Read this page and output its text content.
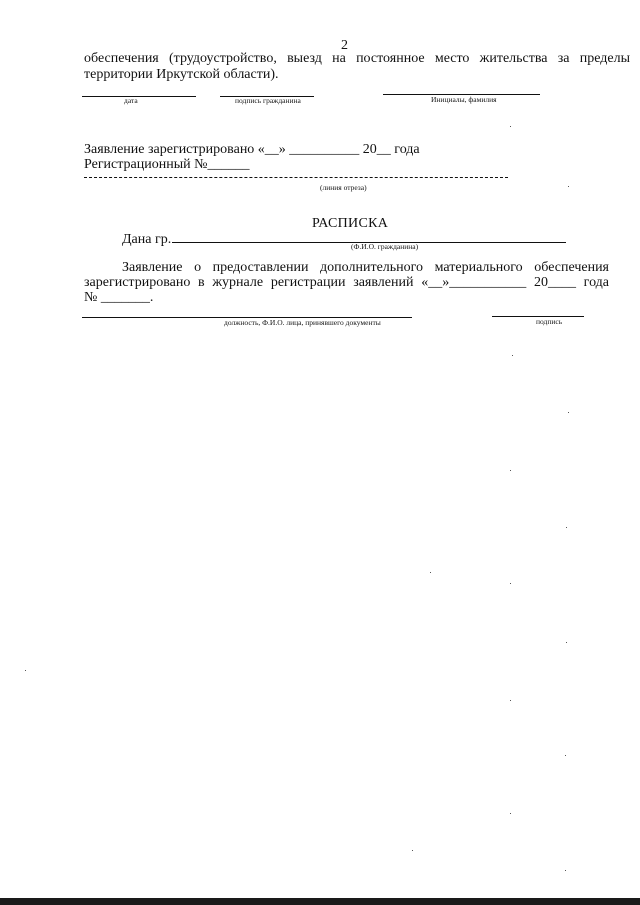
2
обеспечения (трудоустройство, выезд на постоянное место жительства за пределы
территории Иркутской области).
дата	подпись гражданина	Инициалы, фамилия
Заявление зарегистрировано «__» __________ 20__ года
Регистрационный №______
(линия отреза)
РАСПИСКА
Дана гр.	(Ф.И.О. гражданина)
Заявление о предоставлении дополнительного материального обеспечения
зарегистрировано в журнале регистрации заявлений «__»___________ 20____ года
№ _______.
должность, Ф.И.О. лица, принявшего документы	подпись
